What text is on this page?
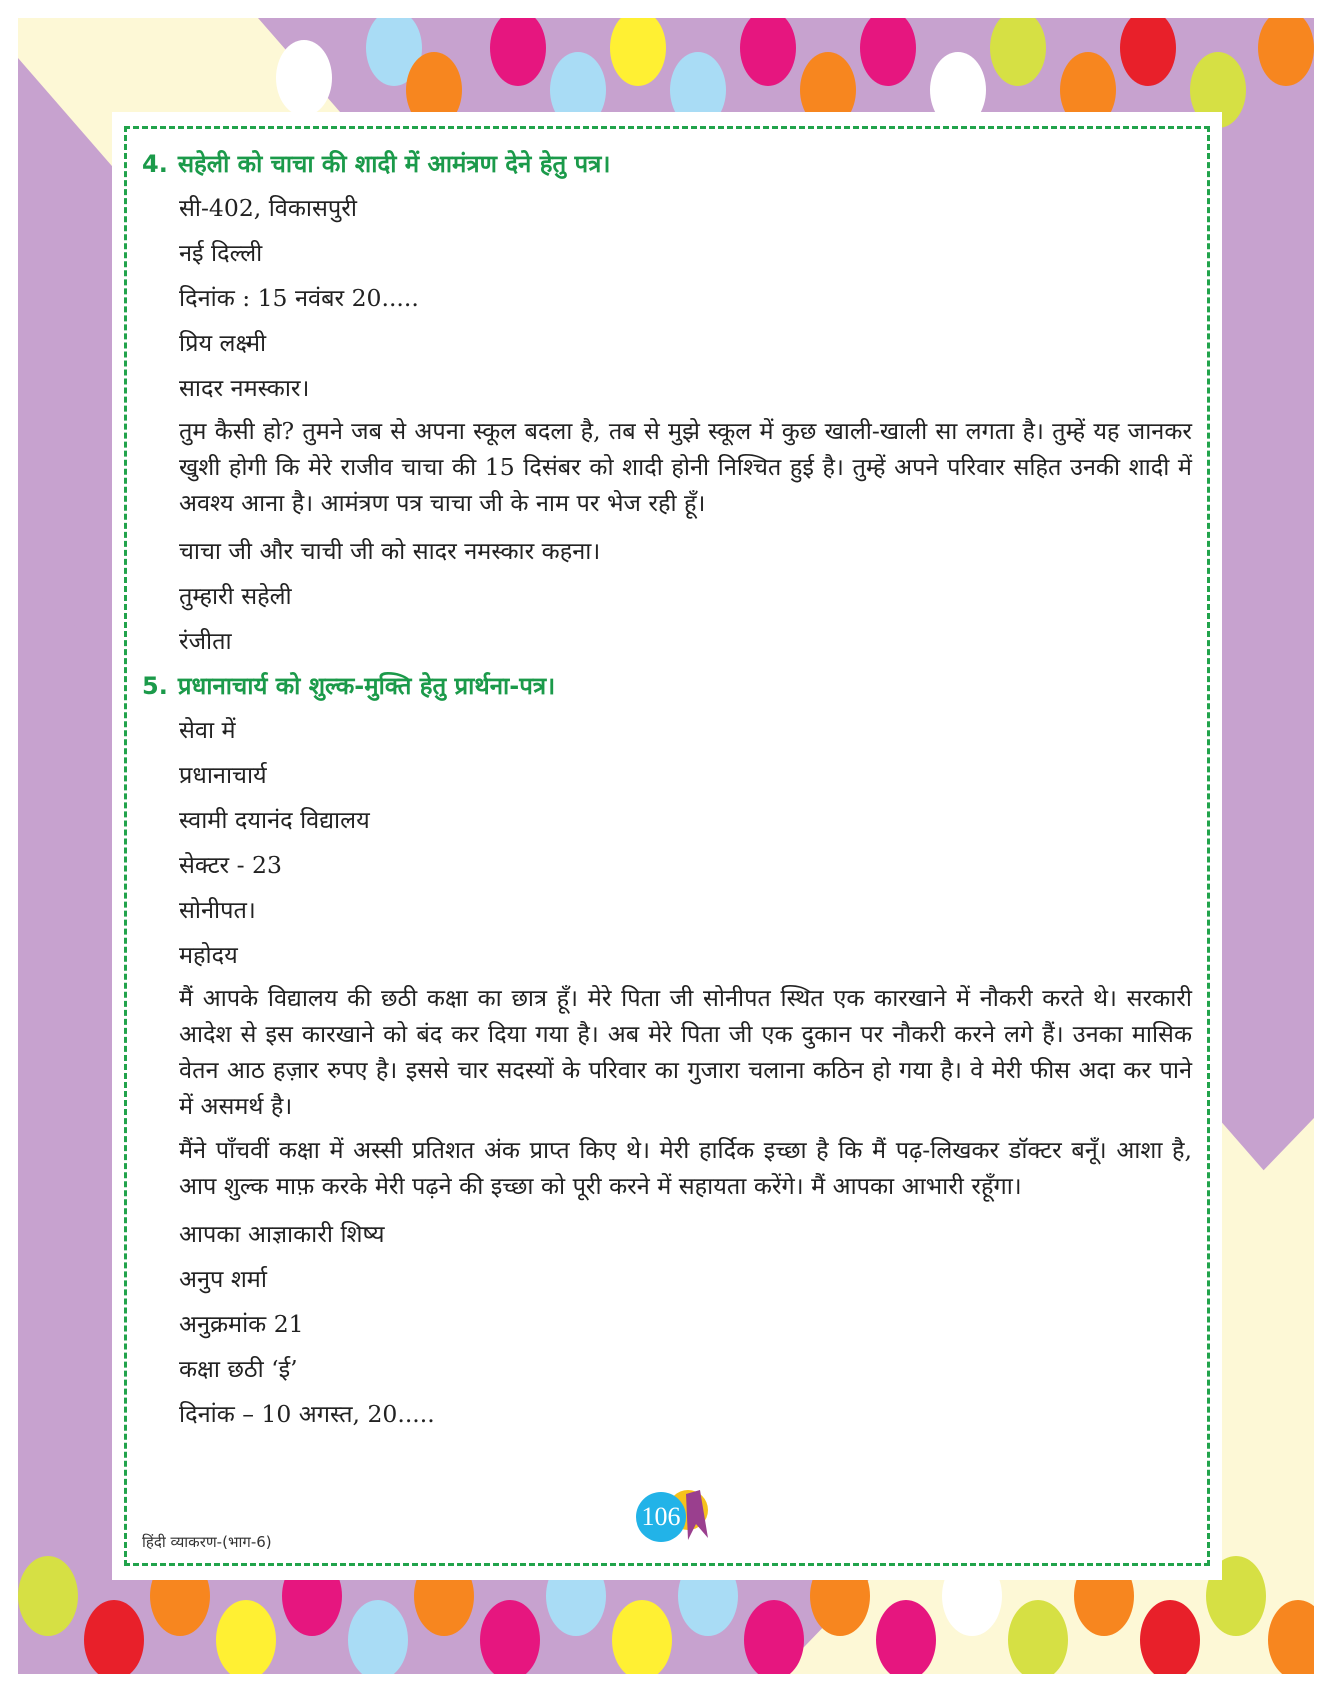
4. सहेली को चाचा की शादी में आमंत्रण देने हेतु पत्र।
सी-402, विकासपुरी
नई दिल्ली
दिनांक : 15 नवंबर 20.....
प्रिय लक्ष्मी
सादर नमस्कार।
तुम कैसी हो? तुमने जब से अपना स्कूल बदला है, तब से मुझे स्कूल में कुछ खाली-खाली सा लगता है। तुम्हें यह जानकर खुशी होगी कि मेरे राजीव चाचा की 15 दिसंबर को शादी होनी निश्चित हुई है। तुम्हें अपने परिवार सहित उनकी शादी में अवश्य आना है। आमंत्रण पत्र चाचा जी के नाम पर भेज रही हूँ।
चाचा जी और चाची जी को सादर नमस्कार कहना।
तुम्हारी सहेली
रंजीता
5. प्रधानाचार्य को शुल्क-मुक्ति हेतु प्रार्थना-पत्र।
सेवा में
प्रधानाचार्य
स्वामी दयानंद विद्यालय
सेक्टर - 23
सोनीपत।
महोदय
मैं आपके विद्यालय की छठी कक्षा का छात्र हूँ। मेरे पिता जी सोनीपत स्थित एक कारखाने में नौकरी करते थे। सरकारी आदेश से इस कारखाने को बंद कर दिया गया है। अब मेरे पिता जी एक दुकान पर नौकरी करने लगे हैं। उनका मासिक वेतन आठ हज़ार रुपए है। इससे चार सदस्यों के परिवार का गुजारा चलाना कठिन हो गया है। वे मेरी फीस अदा कर पाने में असमर्थ है।
मैंने पाँचवीं कक्षा में अस्सी प्रतिशत अंक प्राप्त किए थे। मेरी हार्दिक इच्छा है कि मैं पढ़-लिखकर डॉक्टर बनूँ। आशा है, आप शुल्क माफ़ करके मेरी पढ़ने की इच्छा को पूरी करने में सहायता करेंगे। मैं आपका आभारी रहूँगा।
आपका आज्ञाकारी शिष्य
अनुप शर्मा
अनुक्रमांक 21
कक्षा छठी ‘ई’
दिनांक – 10 अगस्त, 20.....
हिंदी व्याकरण-(भाग-6)
106
